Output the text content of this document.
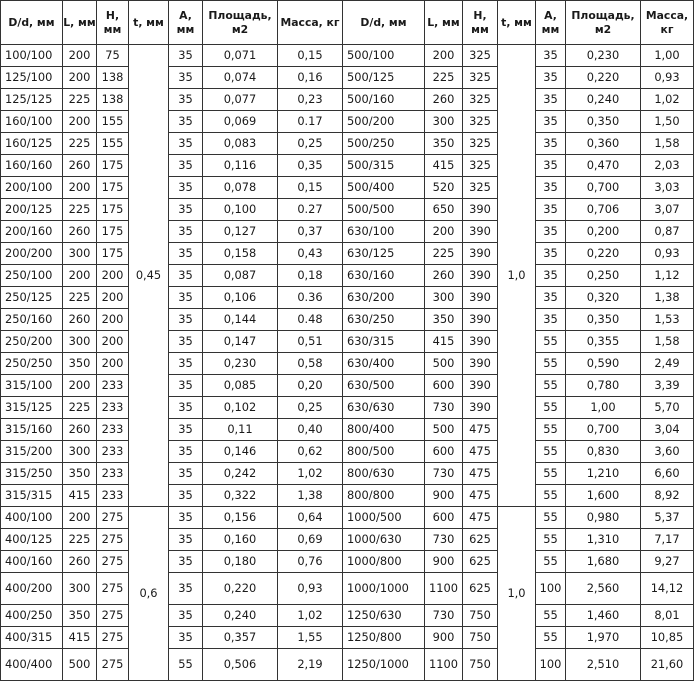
D/d, мм	L, мм	H, мм	t, мм	A, мм	Площадь, м2	Масса, кг	D/d, мм	L, мм	H, мм	t, мм	A, мм	Площадь, м2	Масса, кг
100/100	200	75	0,45	35	0,071	0,15	500/100	200	325	1,0	35	0,230	1,00
125/100	200	138		35	0,074	0,16	500/125	225	325		35	0,220	0,93
125/125	225	138		35	0,077	0,23	500/160	260	325		35	0,240	1,02
160/100	200	155		35	0,069	0.17	500/200	300	325		35	0,350	1,50
160/125	225	155		35	0,083	0,25	500/250	350	325		35	0,360	1,58
160/160	260	175		35	0,116	0,35	500/315	415	325		35	0,470	2,03
200/100	200	175		35	0,078	0,15	500/400	520	325		35	0,700	3,03
200/125	225	175		35	0,100	0.27	500/500	650	390		35	0,706	3,07
200/160	260	175		35	0,127	0,37	630/100	200	390		35	0,200	0,87
200/200	300	175		35	0,158	0,43	630/125	225	390		35	0,220	0,93
250/100	200	200		35	0,087	0,18	630/160	260	390		35	0,250	1,12
250/125	225	200		35	0,106	0.36	630/200	300	390		35	0,320	1,38
250/160	260	200		35	0,144	0.48	630/250	350	390		35	0,350	1,53
250/200	300	200		35	0,147	0,51	630/315	415	390		55	0,355	1,58
250/250	350	200		35	0,230	0,58	630/400	500	390		55	0,590	2,49
315/100	200	233		35	0,085	0,20	630/500	600	390		55	0,780	3,39
315/125	225	233		35	0,102	0,25	630/630	730	390		55	1,00	5,70
315/160	260	233		35	0,11	0,40	800/400	500	475		55	0,700	3,04
315/200	300	233		35	0,146	0,62	800/500	600	475		55	0,830	3,60
315/250	350	233		35	0,242	1,02	800/630	730	475		55	1,210	6,60
315/315	415	233		35	0,322	1,38	800/800	900	475		55	1,600	8,92
400/100	200	275	0,6	35	0,156	0,64	1000/500	600	475	1,0	55	0,980	5,37
400/125	225	275		35	0,160	0,69	1000/630	730	625		55	1,310	7,17
400/160	260	275		35	0,180	0,76	1000/800	900	625		55	1,680	9,27
400/200	300	275		35	0,220	0,93	1000/1000	1100	625		100	2,560	14,12
400/250	350	275		35	0,240	1,02	1250/630	730	750		55	1,460	8,01
400/315	415	275		35	0,357	1,55	1250/800	900	750		55	1,970	10,85
400/400	500	275		55	0,506	2,19	1250/1000	1100	750		100	2,510	21,60
